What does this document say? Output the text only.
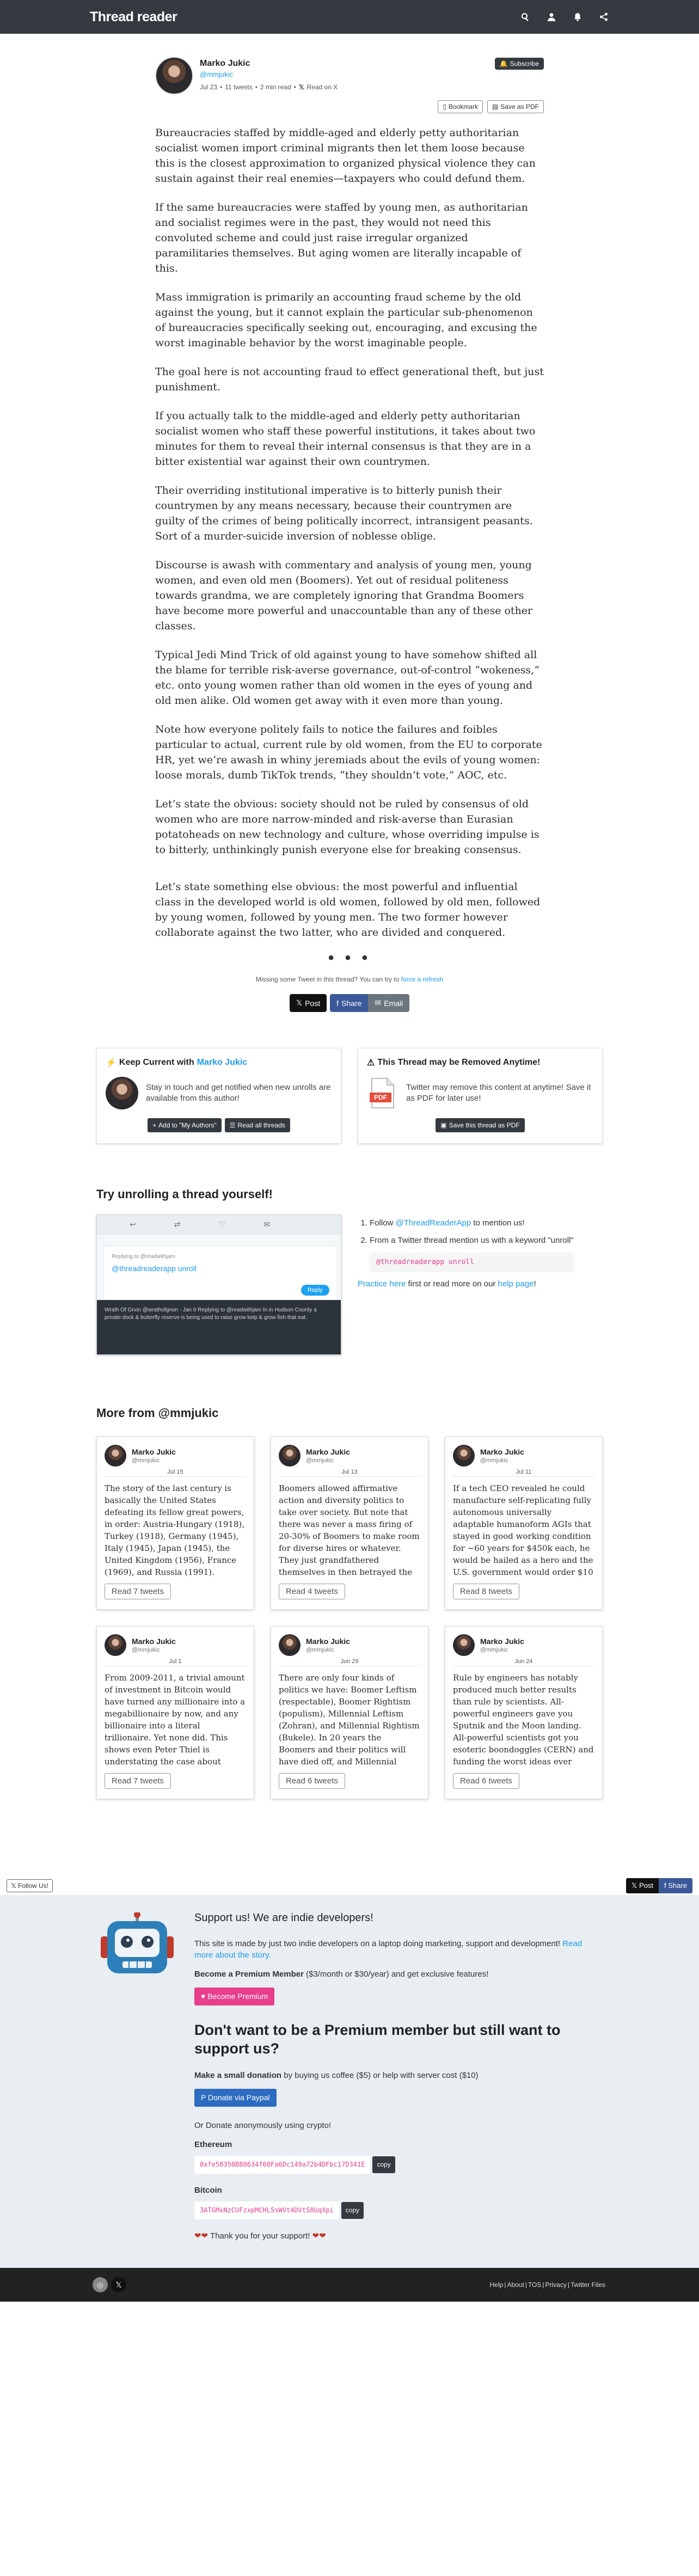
Thread reader
Marko Jukic
@mmjukic
Jul 23 • 11 tweets • 2 min read • 𝕏 Read on X
🔔 Subscribe
▯ Bookmark ▤ Save as PDF

Bureaucracies staffed by middle-aged and elderly petty authoritarian socialist women import criminal migrants then let them loose because this is the closest approximation to organized physical violence they can sustain against their real enemies—taxpayers who could defund them.

If the same bureaucracies were staffed by young men, as authoritarian and socialist regimes were in the past, they would not need this convoluted scheme and could just raise irregular organized paramilitaries themselves. But aging women are literally incapable of this.

Mass immigration is primarily an accounting fraud scheme by the old against the young, but it cannot explain the particular sub-phenomenon of bureaucracies specifically seeking out, encouraging, and excusing the worst imaginable behavior by the worst imaginable people.

The goal here is not accounting fraud to effect generational theft, but just punishment.

If you actually talk to the middle-aged and elderly petty authoritarian socialist women who staff these powerful institutions, it takes about two minutes for them to reveal their internal consensus is that they are in a bitter existential war against their own countrymen.

Their overriding institutional imperative is to bitterly punish their countrymen by any means necessary, because their countrymen are guilty of the crimes of being politically incorrect, intransigent peasants. Sort of a murder-suicide inversion of noblesse oblige.

Discourse is awash with commentary and analysis of young men, young women, and even old men (Boomers). Yet out of residual politeness towards grandma, we are completely ignoring that Grandma Boomers have become more powerful and unaccountable than any of these other classes.

Typical Jedi Mind Trick of old against young to have somehow shifted all the blame for terrible risk-averse governance, out-of-control “wokeness,” etc. onto young women rather than old women in the eyes of young and old men alike. Old women get away with it even more than young.

Note how everyone politely fails to notice the failures and foibles particular to actual, current rule by old women, from the EU to corporate HR, yet we’re awash in whiny jeremiads about the evils of young women: loose morals, dumb TikTok trends, “they shouldn’t vote,” AOC, etc.

Let’s state the obvious: society should not be ruled by consensus of old women who are more narrow-minded and risk-averse than Eurasian potatoheads on new technology and culture, whose overriding impulse is to bitterly, unthinkingly punish everyone else for breaking consensus.

Let’s state something else obvious: the most powerful and influential class in the developed world is old women, followed by old men, followed by young women, followed by young men. The two former however collaborate against the two latter, who are divided and conquered.

• • •
Missing some Tweet in this thread? You can try to force a refresh
𝕏 Post f Share ✉ Email
⚡ Keep Current with Marko Jukic
Stay in touch and get notified when new unrolls are available from this author!
+ Add to "My Authors" ☰ Read all threads
⚠ This Thread may be Removed Anytime!
PDF
Twitter may remove this content at anytime! Save it as PDF for later use!
▣ Save this thread as PDF
Try unrolling a thread yourself!
↩	⇄	♡	✉
Replying to @readwithjam
@threadreaderapp unroll
Reply
Wrath Of Gnon @wrathofgnon · Jan 6 Replying to @readwithjam In in Hudson County a private dock & butterfly reserve is being used to raise grow kelp & grow fish that eat.
1. Follow @ThreadReaderApp to mention us!
2. From a Twitter thread mention us with a keyword "unroll"
@threadreaderapp unroll
Practice here first or read more on our help page!
More from @mmjukic
Marko Jukic
@mmjukic
Jul 15
The story of the last century is basically the United States defeating its fellow great powers, in order: Austria-Hungary (1918), Turkey (1918), Germany (1945), Italy (1945), Japan (1945), the United Kingdom (1956), France (1969), and Russia (1991).
Read 7 tweets
Marko Jukic
@mmjukic
Jul 13
Boomers allowed affirmative action and diversity politics to take over society. But note that there was never a mass firing of 20-30% of Boomers to make room for diverse hires or whatever. They just grandfathered themselves in then betrayed the
Read 4 tweets
Marko Jukic
@mmjukic
Jul 11
If a tech CEO revealed he could manufacture self-replicating fully autonomous universally adaptable humanoform AGIs that stayed in good working condition for ~60 years for $450k each, he would be hailed as a hero and the U.S. government would order $10
Read 8 tweets
Marko Jukic
@mmjukic
Jul 1
From 2009-2011, a trivial amount of investment in Bitcoin would have turned any millionaire into a megabillionaire by now, and any billionaire into a literal trillionaire. Yet none did. This shows even Peter Thiel is understating the case about
Read 7 tweets
Marko Jukic
@mmjukic
Jun 29
There are only four kinds of politics we have: Boomer Leftism (respectable), Boomer Rightism (populism), Millennial Leftism (Zohran), and Millennial Rightism (Bukele). In 20 years the Boomers and their politics will have died off, and Millennial
Read 6 tweets
Marko Jukic
@mmjukic
Jun 24
Rule by engineers has notably produced much better results than rule by scientists. All-powerful engineers gave you Sputnik and the Moon landing. All-powerful scientists got you esoteric boondoggles (CERN) and funding the worst ideas ever
Read 6 tweets
𝕏 Follow Us!	𝕏 Post	f Share
Support us! We are indie developers!

This site is made by just two indie developers on a laptop doing marketing, support and development! Read more about the story.

Become a Premium Member ($3/month or $30/year) and get exclusive features!

♥ Become Premium
Don't want to be a Premium member but still want to support us?

Make a small donation by buying us coffee ($5) or help with server cost ($10)

P Donate via Paypal

Or Donate anonymously using crypto!

Ethereum
0xfe58350B80634f60Fa6Dc149a72b4DFbc17D341E	copy
Bitcoin
3ATGMxNzCUFzxpMCHL5sWVt4DVtS8UqXpi	copy
❤❤ Thank you for your support! ❤❤
◎	𝕏	Help | About | TOS | Privacy | Twitter Files
